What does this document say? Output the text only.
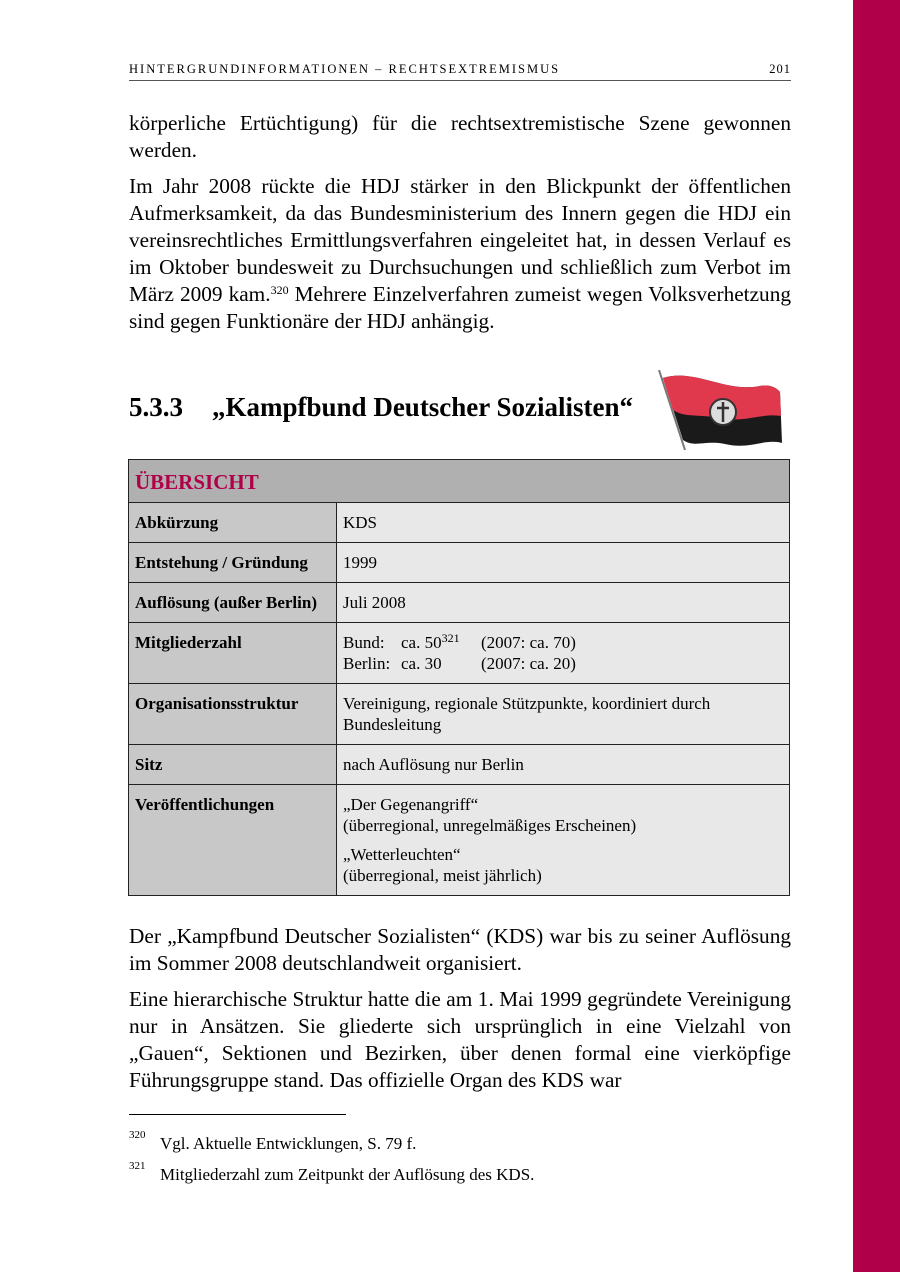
HINTERGRUNDINFORMATIONEN – RECHTSEXTREMISMUS	201

körperliche Ertüchtigung) für die rechtsextremistische Szene gewonnen werden.

Im Jahr 2008 rückte die HDJ stärker in den Blickpunkt der öffentlichen Aufmerksamkeit, da das Bundesministerium des Innern gegen die HDJ ein vereinsrechtliches Ermittlungsverfahren eingeleitet hat, in dessen Verlauf es im Oktober bundesweit zu Durchsuchungen und schließlich zum Verbot im März 2009 kam.$^{320}$ Mehrere Einzelverfahren zumeist wegen Volksverhetzung sind gegen Funktionäre der HDJ anhängig.

5.3.3 „Kampfbund Deutscher Sozialisten“
ÜBERSICHT	
Abkürzung	KDS
Entstehung / Gründung	1999
Auflösung (außer Berlin)	Juli 2008
Mitgliederzahl	Bund: ca. $50^{321}$ (2007: ca. 70)
Berlin: ca. 30 (2007: ca. 20)

Organisationsstruktur	Vereinigung, regionale Stützpunkte, koordiniert durch Bundesleitung
Sitz	nach Auflösung nur Berlin
Veröffentlichungen	„Der Gegenangriff“
(überregional, unregelmäßiges Erscheinen)
„Wetterleuchten“
(überregional, meist jährlich)

Der „Kampfbund Deutscher Sozialisten“ (KDS) war bis zu seiner Auflösung im Sommer 2008 deutschlandweit organisiert.

Eine hierarchische Struktur hatte die am 1. Mai 1999 gegründete Vereinigung nur in Ansätzen. Sie gliederte sich ursprünglich in eine Vielzahl von „Gauen“, Sektionen und Bezirken, über denen formal eine vierköpfige Führungsgruppe stand. Das offizielle Organ des KDS war

$^{320}$ Vgl. Aktuelle Entwicklungen, S. 79 f.
$^{321}$ Mitgliederzahl zum Zeitpunkt der Auflösung des KDS.
